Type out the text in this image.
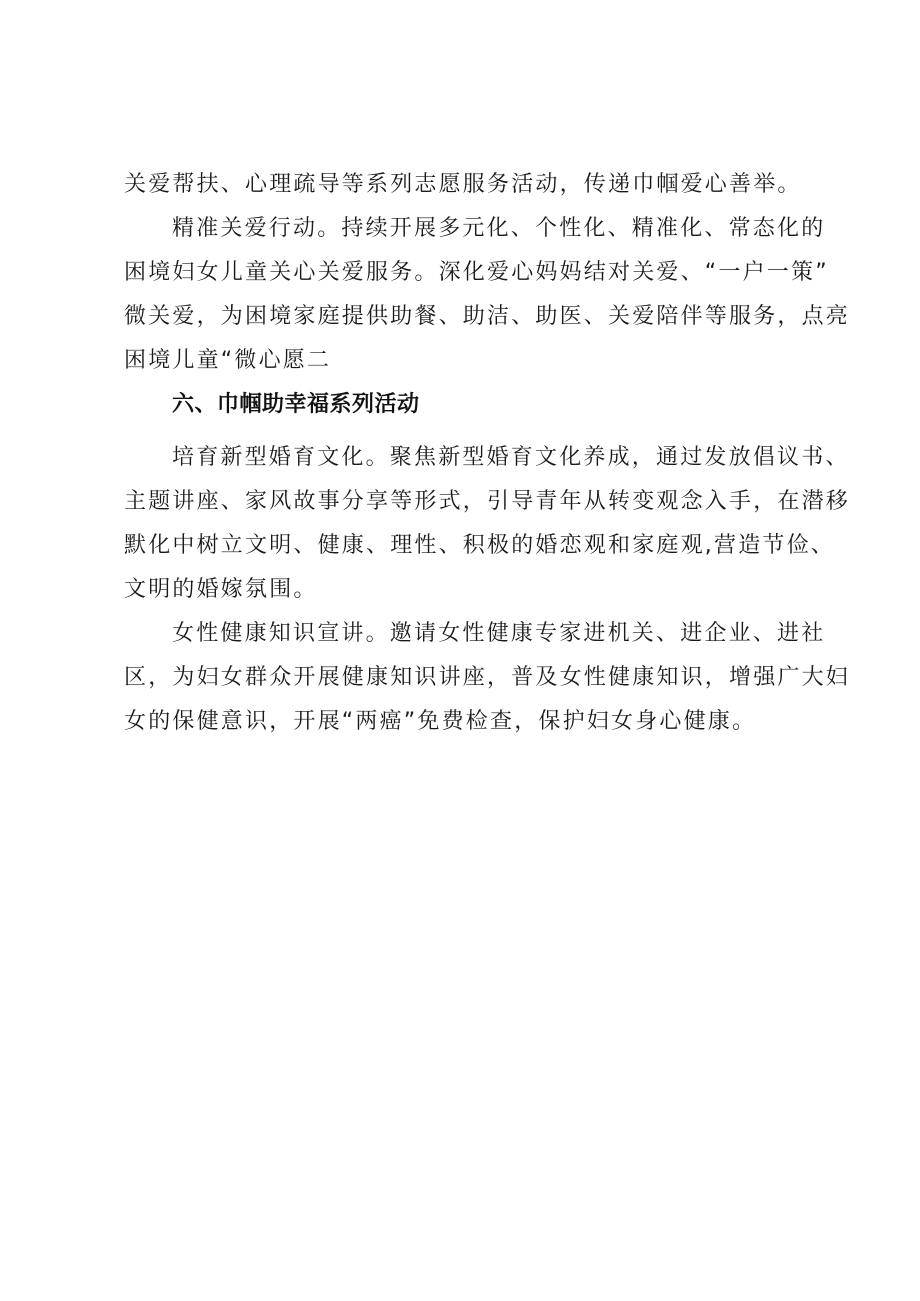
关爱帮扶、心理疏导等系列志愿服务活动，传递巾帼爱心善举。
精准关爱行动。持续开展多元化、个性化、精准化、常态化的
困境妇女儿童关心关爱服务。深化爱心妈妈结对关爱、“一户一策”
微关爱，为困境家庭提供助餐、助洁、助医、关爱陪伴等服务，点亮
困境儿童“微心愿二
六、巾帼助幸福系列活动
培育新型婚育文化。聚焦新型婚育文化养成，通过发放倡议书、
主题讲座、家风故事分享等形式，引导青年从转变观念入手，在潜移
默化中树立文明、健康、理性、积极的婚恋观和家庭观,营造节俭、
文明的婚嫁氛围。
女性健康知识宣讲。邀请女性健康专家进机关、进企业、进社
区，为妇女群众开展健康知识讲座，普及女性健康知识，增强广大妇
女的保健意识，开展“两癌”免费检查，保护妇女身心健康。
